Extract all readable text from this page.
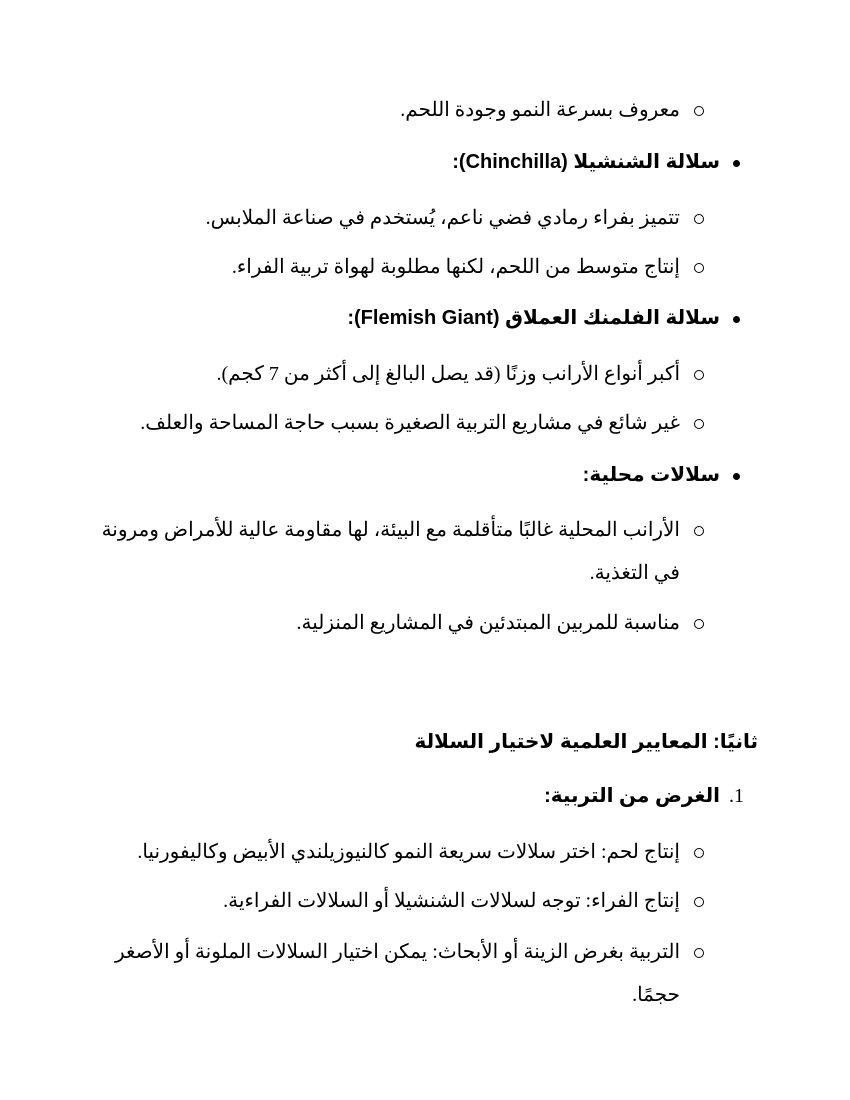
معروف بسرعة النمو وجودة اللحم.
سلالة الشنشيلا (Chinchilla):
تتميز بفراء رمادي فضي ناعم، يُستخدم في صناعة الملابس.
إنتاج متوسط من اللحم، لكنها مطلوبة لهواة تربية الفراء.
سلالة الفلمنك العملاق (Flemish Giant):
أكبر أنواع الأرانب وزنًا (قد يصل البالغ إلى أكثر من 7 كجم).
غير شائع في مشاريع التربية الصغيرة بسبب حاجة المساحة والعلف.
سلالات محلية:
الأرانب المحلية غالبًا متأقلمة مع البيئة، لها مقاومة عالية للأمراض ومرونة
في التغذية.
مناسبة للمربين المبتدئين في المشاريع المنزلية.
ثانيًا: المعايير العلمية لاختيار السلالة
1.
الغرض من التربية:
إنتاج لحم: اختر سلالات سريعة النمو كالنيوزيلندي الأبيض وكاليفورنيا.
إنتاج الفراء: توجه لسلالات الشنشيلا أو السلالات الفراءية.
التربية بغرض الزينة أو الأبحاث: يمكن اختيار السلالات الملونة أو الأصغر
حجمًا.
